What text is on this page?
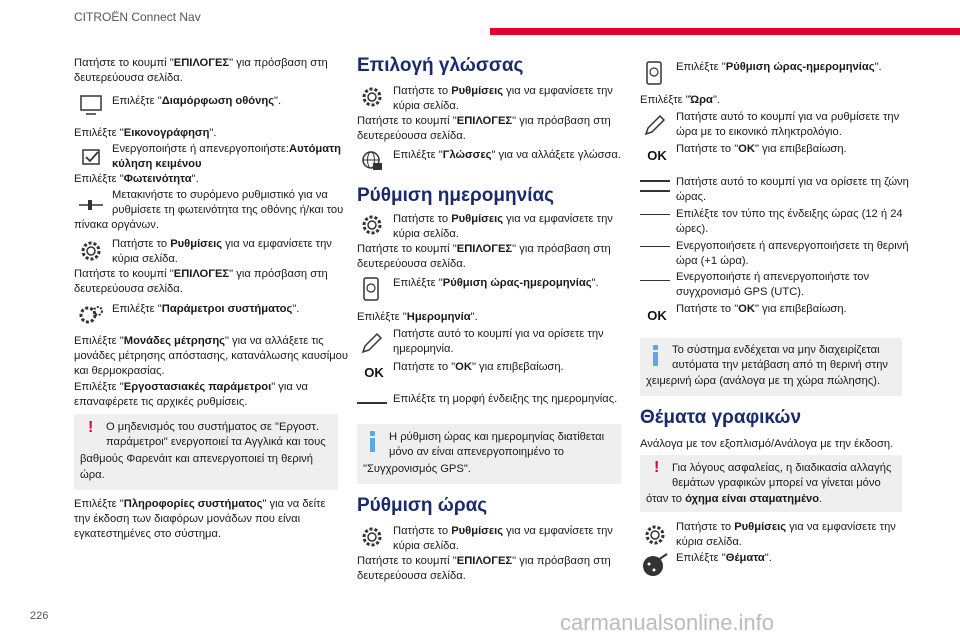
CITROËN Connect Nav
Πατήστε το κουμπί "ΕΠΙΛΟΓΕΣ" για πρόσβαση στη
δευτερεύουσα σελίδα.
Επιλέξτε "Διαμόρφωση οθόνης".
Επιλέξτε "Εικονογράφηση".
Ενεργοποιήστε ή απενεργοποιήστε:Αυτόματη
κύληση κειμένου
Επιλέξτε "Φωτεινότητα".
Μετακινήστε το συρόμενο ρυθμιστικό για να
ρυθμίσετε τη φωτεινότητα της οθόνης ή/και του
πίνακα οργάνων.
Πατήστε το Ρυθμίσεις για να εμφανίσετε την
κύρια σελίδα.
Πατήστε το κουμπί "ΕΠΙΛΟΓΕΣ" για πρόσβαση στη
δευτερεύουσα σελίδα.
Επιλέξτε "Παράμετροι συστήματος".
Επιλέξτε "Μονάδες μέτρησης" για να αλλάξετε τις
μονάδες μέτρησης απόστασης, κατανάλωσης καυσίμου
και θερμοκρασίας.
Επιλέξτε "Εργοστασιακές παράμετροι" για να
επαναφέρετε τις αρχικές ρυθμίσεις.
! Ο μηδενισμός του συστήματος σε "Εργοστ.
παράμετροι" ενεργοποιεί τα Αγγλικά και τους
βαθμούς Φαρενάιτ και απενεργοποιεί τη θερινή
ώρα.
Επιλέξτε "Πληροφορίες συστήματος" για να δείτε
την έκδοση των διαφόρων μονάδων που είναι
εγκατεστημένες στο σύστημα.
Επιλογή γλώσσας
Πατήστε το Ρυθμίσεις για να εμφανίσετε την
κύρια σελίδα.
Πατήστε το κουμπί "ΕΠΙΛΟΓΕΣ" για πρόσβαση στη
δευτερεύουσα σελίδα.
Επιλέξτε "Γλώσσες" για να αλλάξετε γλώσσα.
Ρύθμιση ημερομηνίας
Πατήστε το Ρυθμίσεις για να εμφανίσετε την
κύρια σελίδα.
Πατήστε το κουμπί "ΕΠΙΛΟΓΕΣ" για πρόσβαση στη
δευτερεύουσα σελίδα.
Επιλέξτε "Ρύθμιση ώρας-ημερομηνίας".
Επιλέξτε "Ημερομηνία".
Πατήστε αυτό το κουμπί για να ορίσετε την
ημερομηνία.
OK Πατήστε το "OK" για επιβεβαίωση.
Επιλέξτε τη μορφή ένδειξης της ημερομηνίας.
Η ρύθμιση ώρας και ημερομηνίας διατίθεται
μόνο αν είναι απενεργοποιημένο το
"Συγχρονισμός GPS".
Ρύθμιση ώρας
Πατήστε το Ρυθμίσεις για να εμφανίσετε την
κύρια σελίδα.
Πατήστε το κουμπί "ΕΠΙΛΟΓΕΣ" για πρόσβαση στη
δευτερεύουσα σελίδα.
Επιλέξτε "Ρύθμιση ώρας-ημερομηνίας".
Επιλέξτε "Ώρα".
Πατήστε αυτό το κουμπί για να ρυθμίσετε την
ώρα με το εικονικό πληκτρολόγιο.
OK Πατήστε το "OK" για επιβεβαίωση.
Πατήστε αυτό το κουμπί για να ορίσετε τη ζώνη
ώρας.
Επιλέξτε τον τύπο της ένδειξης ώρας (12 ή 24
ώρες).
Ενεργοποιήσετε ή απενεργοποιήσετε τη θερινή
ώρα (+1 ώρα).
Ενεργοποιήστε ή απενεργοποιήστε τον
συγχρονισμό GPS (UTC).
OK Πατήστε το "OK" για επιβεβαίωση.
Το σύστημα ενδέχεται να μην διαχειρίζεται
αυτόματα την μετάβαση από τη θερινή στην
χειμερινή ώρα (ανάλογα με τη χώρα πώλησης).
Θέματα γραφικών
Ανάλογα με τον εξοπλισμό/Ανάλογα με την έκδοση.
! Για λόγους ασφαλείας, η διαδικασία αλλαγής
θεμάτων γραφικών μπορεί να γίνεται μόνο
όταν το όχημα είναι σταματημένο.
Πατήστε το Ρυθμίσεις για να εμφανίσετε την
κύρια σελίδα.
Επιλέξτε "Θέματα".
226	carmanualsonline.info
